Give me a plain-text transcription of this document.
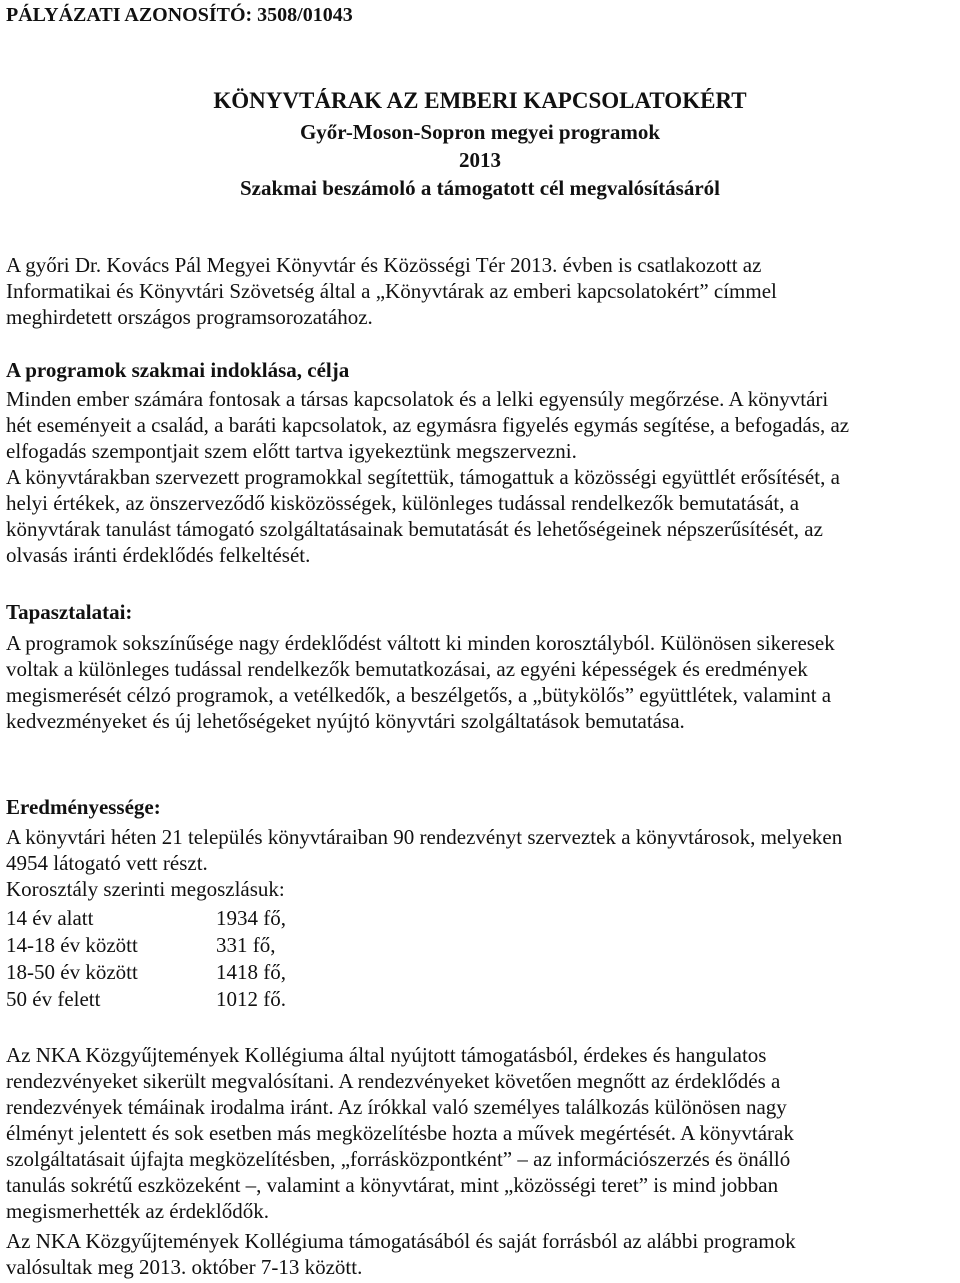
PÁLYÁZATI AZONOSÍTÓ: 3508/01043
KÖNYVTÁRAK AZ EMBERI KAPCSOLATOKÉRT
Győr-Moson-Sopron megyei programok
2013
Szakmai beszámoló a támogatott cél megvalósításáról
A győri Dr. Kovács Pál Megyei Könyvtár és Közösségi Tér 2013. évben is csatlakozott az
Informatikai és Könyvtári Szövetség által a „Könyvtárak az emberi kapcsolatokért” címmel
meghirdetett országos programsorozatához.
A programok szakmai indoklása, célja
Minden ember számára fontosak a társas kapcsolatok és a lelki egyensúly megőrzése. A könyvtári
hét eseményeit a család, a baráti kapcsolatok, az egymásra figyelés egymás segítése, a befogadás, az
elfogadás szempontjait szem előtt tartva igyekeztünk megszervezni.
A könyvtárakban szervezett programokkal segítettük, támogattuk a közösségi együttlét erősítését, a
helyi értékek, az önszerveződő kisközösségek, különleges tudással rendelkezők bemutatását, a
könyvtárak tanulást támogató szolgáltatásainak bemutatását és lehetőségeinek népszerűsítését, az
olvasás iránti érdeklődés felkeltését.
Tapasztalatai:
A programok sokszínűsége nagy érdeklődést váltott ki minden korosztályból. Különösen sikeresek
voltak a különleges tudással rendelkezők bemutatkozásai, az egyéni képességek és eredmények
megismerését célzó programok, a vetélkedők, a beszélgetős, a „bütykölős” együttlétek, valamint a
kedvezményeket és új lehetőségeket nyújtó könyvtári szolgáltatások bemutatása.
Eredményessége:
A könyvtári héten 21 település könyvtáraiban 90 rendezvényt szerveztek a könyvtárosok, melyeken
4954 látogató vett részt.
Korosztály szerinti megoszlásuk:
14 év alatt	1934 fő,
14-18 év között	331 fő,
18-50 év között	1418 fő,
50 év felett	1012 fő.
Az NKA Közgyűjtemények Kollégiuma által nyújtott támogatásból, érdekes és hangulatos
rendezvényeket sikerült megvalósítani. A rendezvényeket követően megnőtt az érdeklődés a
rendezvények témáinak irodalma iránt. Az írókkal való személyes találkozás különösen nagy
élményt jelentett és sok esetben más megközelítésbe hozta a művek megértését. A könyvtárak
szolgáltatásait újfajta megközelítésben, „forrásközpontként” – az információszerzés és önálló
tanulás sokrétű eszközeként –, valamint a könyvtárat, mint „közösségi teret” is mind jobban
megismerhették az érdeklődők.
Az NKA Közgyűjtemények Kollégiuma támogatásából és saját forrásból az alábbi programok
valósultak meg 2013. október 7-13 között.
